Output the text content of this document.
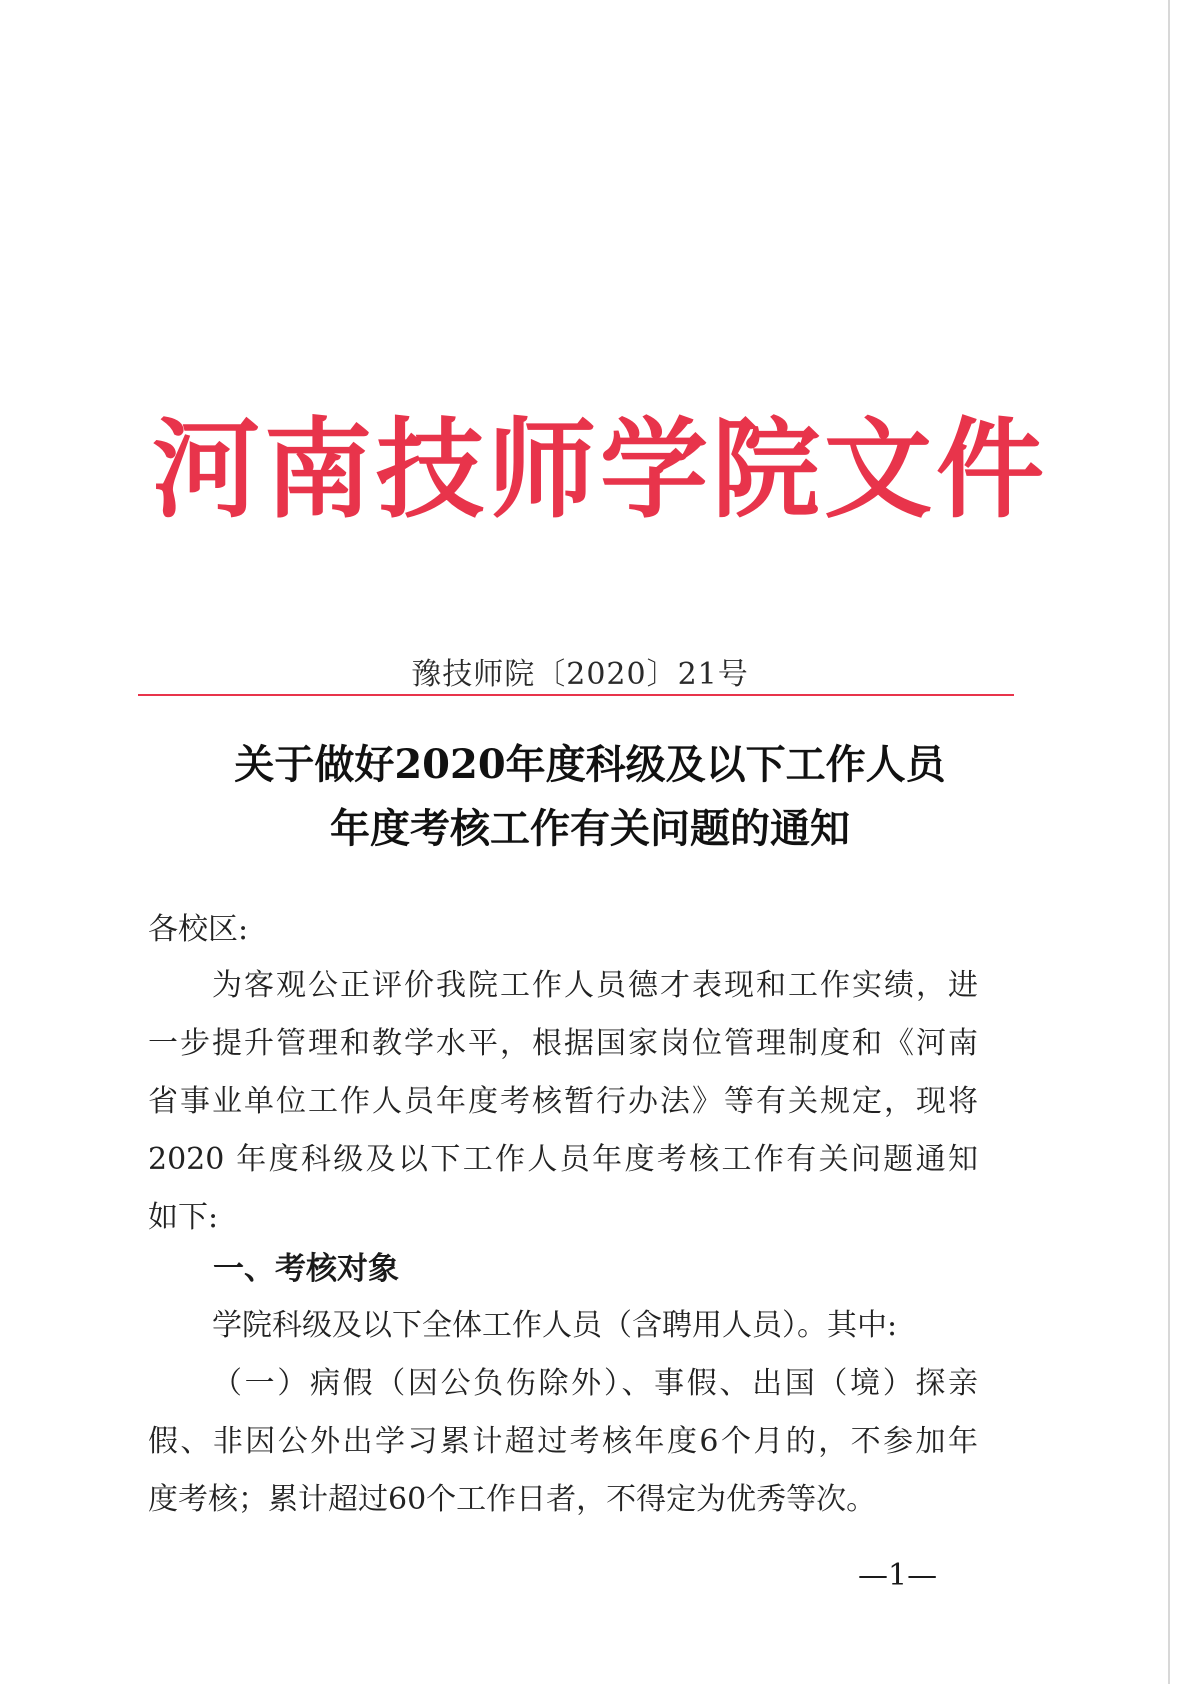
河南技师学院文件
豫技师院〔2020〕21号
关于做好2020年度科级及以下工作人员
年度考核工作有关问题的通知
各校区:
为客观公正评价我院工作人员德才表现和工作实绩，进
一步提升管理和教学水平，根据国家岗位管理制度和《河南
省事业单位工作人员年度考核暂行办法》等有关规定，现将
2020 年度科级及以下工作人员年度考核工作有关问题通知
如下:
一、考核对象
学院科级及以下全体工作人员（含聘用人员）。其中:
（一）病假（因公负伤除外）、事假、出国（境）探亲
假、非因公外出学习累计超过考核年度6个月的，不参加年
度考核；累计超过60个工作日者，不得定为优秀等次。
—1—
